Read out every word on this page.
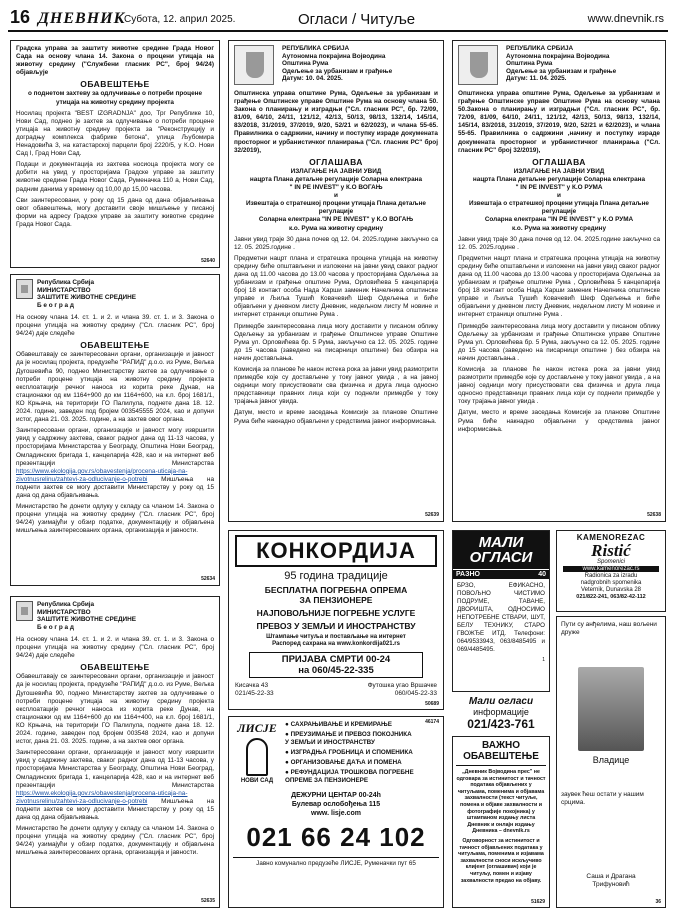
16 ДНЕВНИК
Субота, 12. април 2025.	Огласи / Читуље	www.dnevnik.rs

Градска управа за заштиту животне средине Града Новог Сада на основу члана 14. Закона о процени утицаја на животну средину ("Службени гласник РС", број 94/24) објављује

ОБАВЕШТЕЊЕ

о поднетом захтеву за одлучивање о потреби процене утицаја на животну средину пројекта

Носилац пројекта "BEST IZGRADNJA" доо, Трг Републике 10, Нови Сад, поднео је захтев за одлучивање о потреби процене утицаја на животну средину пројекта за "Реконструкцију и доградњу комплекса фабрике бетона", улица Љубомира Ненадовића 3, на катастарској парцели број 2220/5, у К.О. Нови Сад I, Град Нови Сад.

Подаци и документација из захтева носиоца пројекта могу се добити на увид у просторијама Градске управе за заштиту животне средине Града Новог Сада, Руменачка 110 а, Нови Сад, радним данима у времену од 10,00 до 15,00 часова.

Сви заинтересовани, у року од 15 дана од дана објављивања овог обавештења, могу доставити своје мишљење у писаној форми на адресу Градске управе за заштиту животне средине Града Новог Сада.

52640
Република Србија
МИНИСТАРСТВО
ЗАШТИТЕ ЖИВОТНЕ СРЕДИНЕ
Б е о г р а д

На основу члана 14. ст. 1. и 2. и члана 39. ст. 1. и 3. Закона о процени утицаја на животну средину ("Сл. гласник РС", број 94/24) даје следеће

ОБАВЕШТЕЊЕ

Обавештавају се заинтересовани органи, организације и јавност да је носилац пројекта, предузеће "РАПИД" д.о.о. из Руме, Вељка Дугошевића 90, поднео Министарству захтев за одлучивање о потреби процене утицаја на животну средину пројекта експлоатације речног наноса из корита реке Дунав, на стационажи од км 1164+900 до км 1164+600, на к.п. број 1681/1, КО Крњача, на територији ГО Палилула, поднете дана 18. 12. 2024. године, заведен под бројем 003545555 2024, као и допуни истог, дана 21. 03. 2025. године, а на захтев овог органа.

Заинтересовани органи, организације и јавност могу извршити увид у садржину захтева, сваког радног дана од 11-13 часова, у просторијама Министарства у Београду, Општина Нови Београд, Омладинских бригада 1, канцеларија 428, као и на интернет веб презентацији Министарства https://www.ekologija.gov.rs/obavestenja/procena-uticaja-na-zivotnusrelinu/zahtevi-za-odlucivanje-o-potrebi Мишљења на поднети захтев се могу доставити Министарству у року од 15 дана од дана објављивања.

Министарство ће донети одлуку у складу са чланом 14. Закона о процени утицаја на животну средину ("Сл. гласник РС", број 94/24) узимајући у обзир податке, документацију и објављена мишљења заинтересованих органа, организација и јавности.

52634
Република Србија
МИНИСТАРСТВО
ЗАШТИТЕ ЖИВОТНЕ СРЕДИНЕ
Б е о г р а д

На основу члана 14. ст. 1. и 2. и члана 39. ст. 1. и 3. Закона о процени утицаја на животну средину ("Сл. гласник РС", број 94/24) даје следеће

ОБАВЕШТЕЊЕ

Обавештавају се заинтересовани органи, организације и јавност да је носилац пројекта, предузеће "РАПИД" д.о.о. из Руме, Вељка Дугошевића 90, поднео Министарству захтев за одлучивање о потреби процене утицаја на животну средину пројекта експлоатације речног наноса из корита реке Дунав, на стационажи од км 1164+600 до км 1164+400, на к.п. број 1681/1, КО Крњача, на територији ГО Палилула, поднете дана 18. 12. 2024. године, заведен под бројем 003548 2024, као и допуни истог, дана 21. 03. 2025. године, а на захтев овог органа.

Заинтересовани органи, организације и јавност могу извршити увид у садржину захтева, сваког радног дана од 11-13 часова, у просторијама Министарства у Београду, Општина Нови Београд, Омладинских бригада 1, канцеларија 428, као и на интернет веб презентацији Министарства https://www.ekologija.gov.rs/obavestenja/procena-uticaja-na-zivotnusrelinu/zahtevi-za-odlucivanje-o-potrebi Мишљења на поднети захтев се могу доставити Министарству у року од 15 дана од дана објављивања.

Министарство ће донети одлуку у складу са чланом 14. Закона о процени утицаја на животну средину ("Сл. гласник РС", број 94/24) узимајући у обзир податке, документацију и објављена мишљења заинтересованих органа, организација и јавности.

52635
РЕПУБЛИКА СРБИЈА
Аутономна покрајина Војводина
Општина Рума
Одељење за урбанизам и грађење
Датум: 10. 04. 2025.

Општинска управа општине Рума, Одељење за урбанизам и грађење Општинске управе Општине Рума на основу члана 50. Закона о планирању и изградњи ("Сл. гласник РС", бр. 72/09, 81/09, 64/10, 24/11, 121/12, 42/13, 50/13, 98/13, 132/14, 145/14, 83/2018, 31/2019, 37/2019, 9/20, 52/21 и 62/2023), и члана 55-65. Правилника о садржини, начину и поступку израде докумената просторног и урбанистичког планирања ("Сл. гласник РС" број 32/2019),

ОГЛАШАВА

ИЗЛАГАЊЕ НА ЈАВНИ УВИД
нацрта Плана детаљне регулације Соларна електрана
" IN PE INVEST" у К.О ВОГАЊ
и
Извештаја о стратешкој процени утицаја Плана детаљне регулације
Соларна електрана "IN PE INVEST" у К.О ВОГАЊ
к.о. Рума на животну средину

Јавни увид траје 30 дана почев од 12. 04. 2025.године закључно са 12. 05. 2025.године .

Предметни нацрт плана и стратешка процена утицаја на животну средину биће општављени и изложени на јавни увид сваког радног дана од 11.00 часова до 13.00 часова у просторијама Одељења за урбанизам и грађење општине Рума, Орловићева 5 канцеларија број 18 контакт особа Нада Харши заменик Начелника општинске управе и Љиља Тушић Ковачевић Шеф Одељења и биће објављени у дневном листу Дневник, недељном листу М новине и интернет страници општине Рума .

Примедбе заинтересована лица могу доставити у писаном облику Одељењу за урбанизам и грађење Општинске управе Општине Рума ул. Орловићева бр. 5 Рума, закључно са 12. 05. 2025. године до 15 часова (заведено на писарници општине) без обзира на начин достављања.

Комисија за планове ће након истека рока за јавни увид размотрити примедбе које су достављене у току јавног увида , а на јавној седници могу присуствовати сва физичка и друга лица односно представници правних лица који су поднели примедбе у току трајања јавног увида.

Датум, место и време заседања Комисије за планове Општине Рума биће накнадно објављени у средствима јавног информисања.

52639
КОНКОРДИЈА
95 година традиције
БЕСПЛАТНА ПОГРЕБНА ОПРЕМА
ЗА ПЕНЗИОНЕРЕ
НАЈПОВОЉНИЈЕ ПОГРЕБНЕ УСЛУГЕ
ПРЕВОЗ У ЗЕМЉИ И ИНОСТРАНСТВУ
Штампање читуља и постављање на интернет
Распоред сахрана на www.konkordija021.rs
ПРИЈАВА СМРТИ 00-24
на 060/45-22-335
Кисачка 43
021/45-22-33
Футошка угао Вршачке
060/045-22-33
50689
ЛИСЈЕ
НОВИ САД
● САХРАЊИВАЊЕ И КРЕМИРАЊЕ
● ПРЕУЗИМАЊЕ И ПРЕВОЗ ПОКОЈНИКА
У ЗЕМЉИ И ИНОСТРАНСТВУ
● ИЗГРАДЊА ГРОБНИЦА И СПОМЕНИКА
● ОРГАНИЗОВАЊЕ ДАЋА И ПОМЕНА
● РЕФУНДАЦИЈА ТРОШКОВА ПОГРЕБНЕ
ОПРЕМЕ ЗА ПЕНЗИОНЕРЕ
ДЕЖУРНИ ЦЕНТАР 00-24h
Булевар ослобођења 115
www. lisje.com
021 66 24 102
Јавно комунално предузеће ЛИСЈЕ, Руменачки пут 65
46174
РЕПУБЛИКА СРБИЈА
Аутономна покрајина Војводина
Општина Рума
Одељење за урбанизам и грађење
Датум: 11. 04. 2025.

Општинска управа општине Рума, Одељење за урбанизам и грађење Општинске управе Општине Рума на основу члана 50.Закона о планирању и изградњи ("Сл. гласник РС", бр. 72/09, 81/09, 64/10, 24/11, 121/12, 42/13, 50/13, 98/13, 132/14, 145/14, 83/2018, 31/2019, 37/2019, 9/20, 52/21 и 62/2023), и члана 55-65. Правилника о садржини ,начину и поступку израде докумената просторног и урбанистичког планирања ("Сл. гласник РС" број 32/2019),

ОГЛАШАВА

ИЗЛАГАЊЕ НА ЈАВНИ УВИД
нацрта Плана детаљне регулације Соларна електрана
" IN PE INVEST" у К.О РУМА
и
Извештаја о стратешкој процени утицаја Плана детаљне регулације
Соларна електрана "IN PE INVEST" у К.О РУМА
к.о. Рума на животну средину

Јавни увид траје 30 дана почев од 12. 04. 2025.године закључно са 12. 05. 2025.године .

Предметни нацрт плана и стратешка процена утицаја на животну средину биће општављени и изложени на јавни увид сваког радног дана од 11.00 часова до 13.00 часова у просторијама Одељења за урбанизам и грађење општине Рума , Орловићева 5 канцеларија број 18 контакт особа Нада Харши заменик Начелника општинске управе и Љиља Тушић Ковачевић Шеф Одељења и биће објављени у дневном листу Дневник, недељном листу М новине и интернет страници општине Рума .

Примедбе заинтересована лица могу доставити у писаном облику Одељењу за урбанизам и грађење Општинске управе Општине Рума ул. Орловићева бр. 5 Рума, закључно са 12. 05. 2025. године до 15 часова (заведено на писарници општине ) без обзира на начин достављања .

Комисија за планове ће након истека рока за јавни увид размотрити примедбе које су достављене у току јавног увида , а на јавној седници могу присуствовати сва физичка и друга лица односно представници правних лица који су поднели примедбе у току трајања јавног увида .

Датум, место и време заседања Комисије за планове Општине Рума биће накнадно објављени у средствима јавног информисања.

52638
МАЛИ
ОГЛАСИ
РАЗНО	40

БРЗО, ЕФИКАСНО, ПОВОЉНО ЧИСТИМО ПОДРУМЕ, ТАВАНЕ, ДВОРИШТА, ОДНОСИМО НЕПОТРЕБНЕ СТВАРИ, ШУТ, БЕЛУ ТЕХНИКУ, СТАРО ГВОЖЂЕ ИТД. Телефони: 064/9533943, 063/8485495 и 069/4485495.

1
Мали огласи
информације
021/423-761
ВАЖНО
ОБАВЕШТЕЊЕ

„Дневник Војводина прес" не одговара за истинитост и тачност података објављених у читуљама, поменима и објавама захвалности (текст читуље, помена и објаве захвалности и фотографије покојника) у штампаном издању листа Дневник и онлајн издању
Дневника – dnevnik.rs

Одговорност за истинитост и тачност објављених података у читуљама, поменима и изјавама захвалности сноси искључиво клијент (оглашивач) који је читуљу, помен и изјаву захвалности предао на објаву.

51629
KAMENOREZAC
Ristić
Spomenici
www.kamenorezac.rs
Radionica za izradu
nadgrobnih spomenika
Veternik, Dunavska 28
021/822-241, 063/82-42-112
Пути су анђелима, наш вољени друже
Владице
заувек ћеш остати у нашим срцима.
Саша и Драгана
Трифуновић
36
